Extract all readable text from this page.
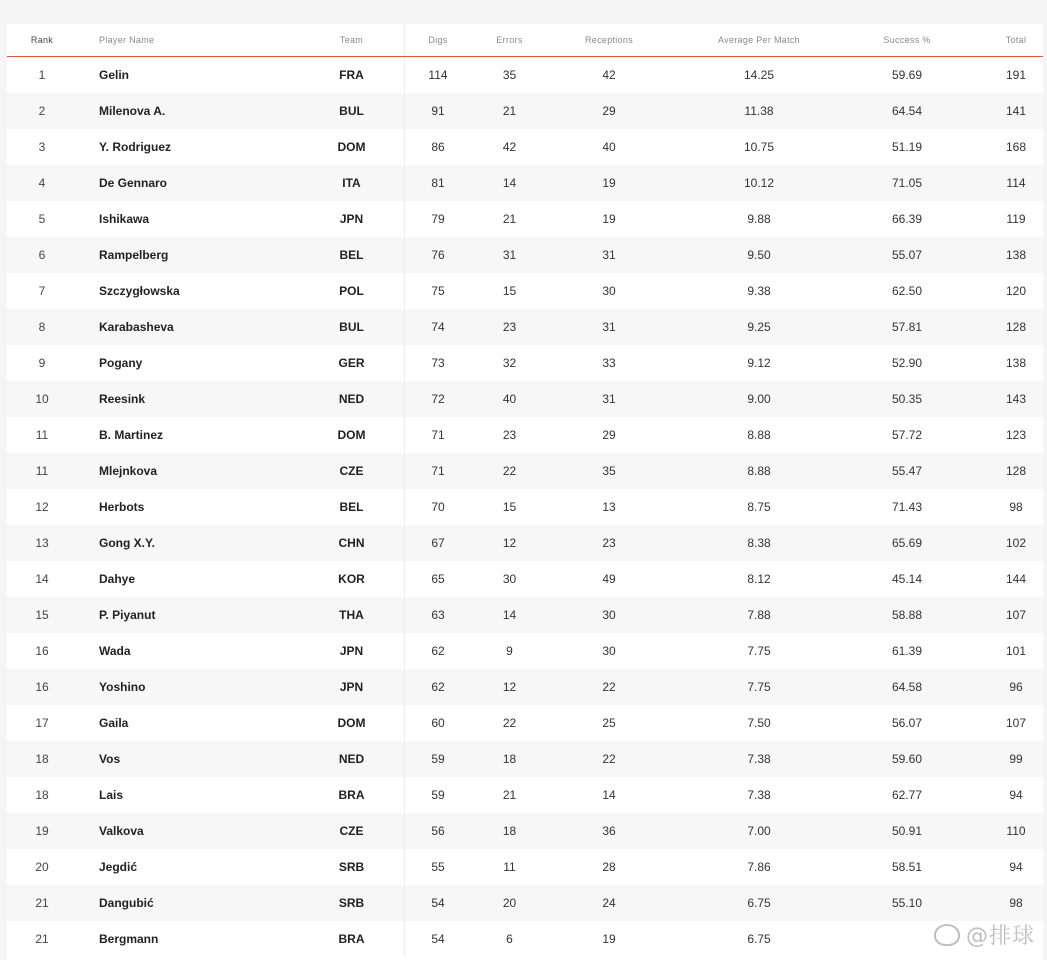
Rank	Player Name	Team	Digs	Errors	Receptions	Average Per Match	Success %	Total
1	Gelin	FRA	114	35	42	14.25	59.69	191
2	Milenova A.	BUL	91	21	29	11.38	64.54	141
3	Y. Rodriguez	DOM	86	42	40	10.75	51.19	168
4	De Gennaro	ITA	81	14	19	10.12	71.05	114
5	Ishikawa	JPN	79	21	19	9.88	66.39	119
6	Rampelberg	BEL	76	31	31	9.50	55.07	138
7	Szczygłowska	POL	75	15	30	9.38	62.50	120
8	Karabasheva	BUL	74	23	31	9.25	57.81	128
9	Pogany	GER	73	32	33	9.12	52.90	138
10	Reesink	NED	72	40	31	9.00	50.35	143
11	B. Martinez	DOM	71	23	29	8.88	57.72	123
11	Mlejnkova	CZE	71	22	35	8.88	55.47	128
12	Herbots	BEL	70	15	13	8.75	71.43	98
13	Gong X.Y.	CHN	67	12	23	8.38	65.69	102
14	Dahye	KOR	65	30	49	8.12	45.14	144
15	P. Piyanut	THA	63	14	30	7.88	58.88	107
16	Wada	JPN	62	9	30	7.75	61.39	101
16	Yoshino	JPN	62	12	22	7.75	64.58	96
17	Gaila	DOM	60	22	25	7.50	56.07	107
18	Vos	NED	59	18	22	7.38	59.60	99
18	Lais	BRA	59	21	14	7.38	62.77	94
19	Valkova	CZE	56	18	36	7.00	50.91	110
20	Jegdić	SRB	55	11	28	7.86	58.51	94
21	Dangubić	SRB	54	20	24	6.75	55.10	98
21	Bergmann	BRA	54	6	19	6.75			@排球
